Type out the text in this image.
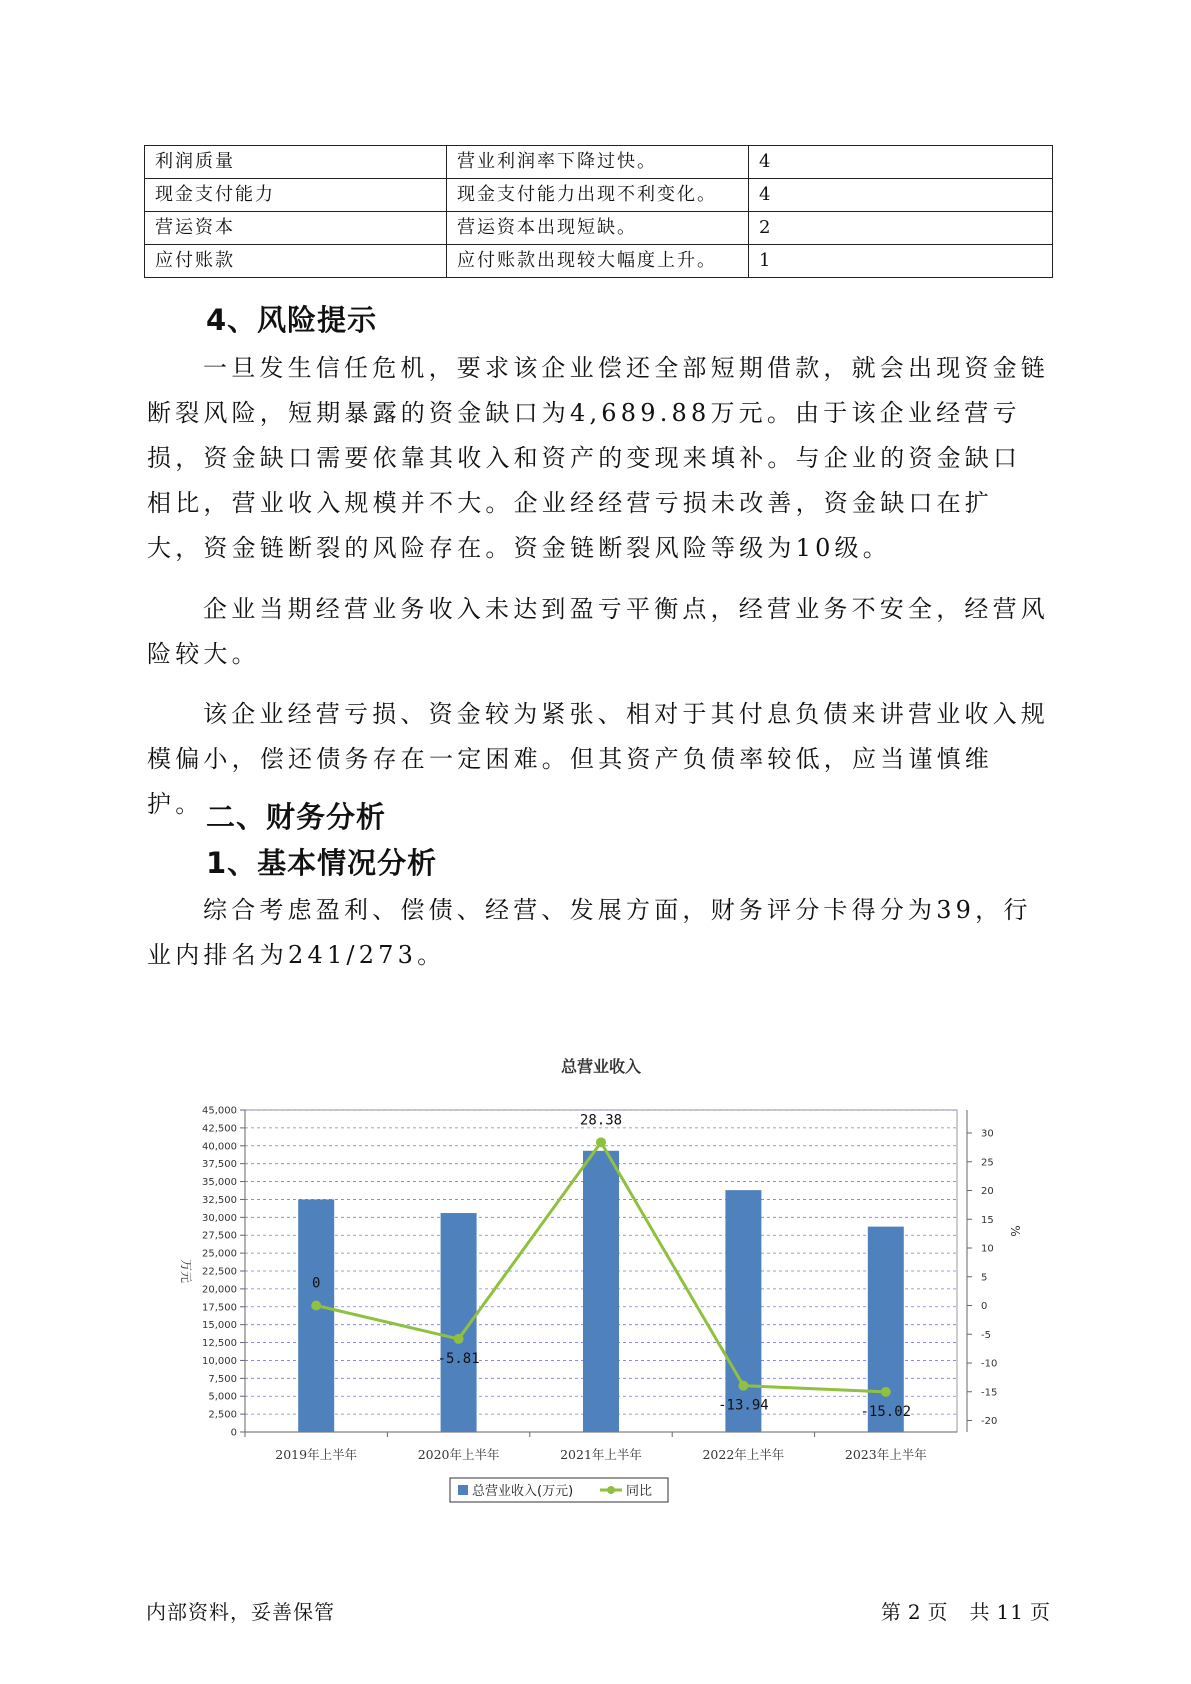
利润质量	营业利润率下降过快。	4
现金支付能力	现金支付能力出现不利变化。	4
营运资本	营运资本出现短缺。	2
应付账款	应付账款出现较大幅度上升。	1
4、风险提示

一旦发生信任危机，要求该企业偿还全部短期借款，就会出现资金链断裂风险，短期暴露的资金缺口为4,689.88万元。由于该企业经营亏损，资金缺口需要依靠其收入和资产的变现来填补。与企业的资金缺口相比，营业收入规模并不大。企业经经营亏损未改善，资金缺口在扩大，资金链断裂的风险存在。资金链断裂风险等级为10级。

企业当期经营业务收入未达到盈亏平衡点，经营业务不安全，经营风险较大。

该企业经营亏损、资金较为紧张、相对于其付息负债来讲营业收入规模偏小，偿还债务存在一定困难。但其资产负债率较低，应当谨慎维护。 二、财务分析
1、基本情况分析

综合考虑盈利、偿债、经营、发展方面，财务评分卡得分为39，行业内排名为241/273。

总营业收入
0
2,500
5,000
7,500
10,000
12,500
15,000
17,500
20,000
22,500
25,000
27,500
30,000
32,500
35,000
37,500
40,000
42,500
45,000
-20
-15
-10
-5
0
5
10
15
20
25
30
万元
%
2019年上半年	2020年上半年	2021年上半年	2022年上半年	2023年上半年
0
-5.81
28.38
-13.94	-15.02
总营业收入(万元)	同比
内部资料，妥善保管	第 2 页　共 11 页
